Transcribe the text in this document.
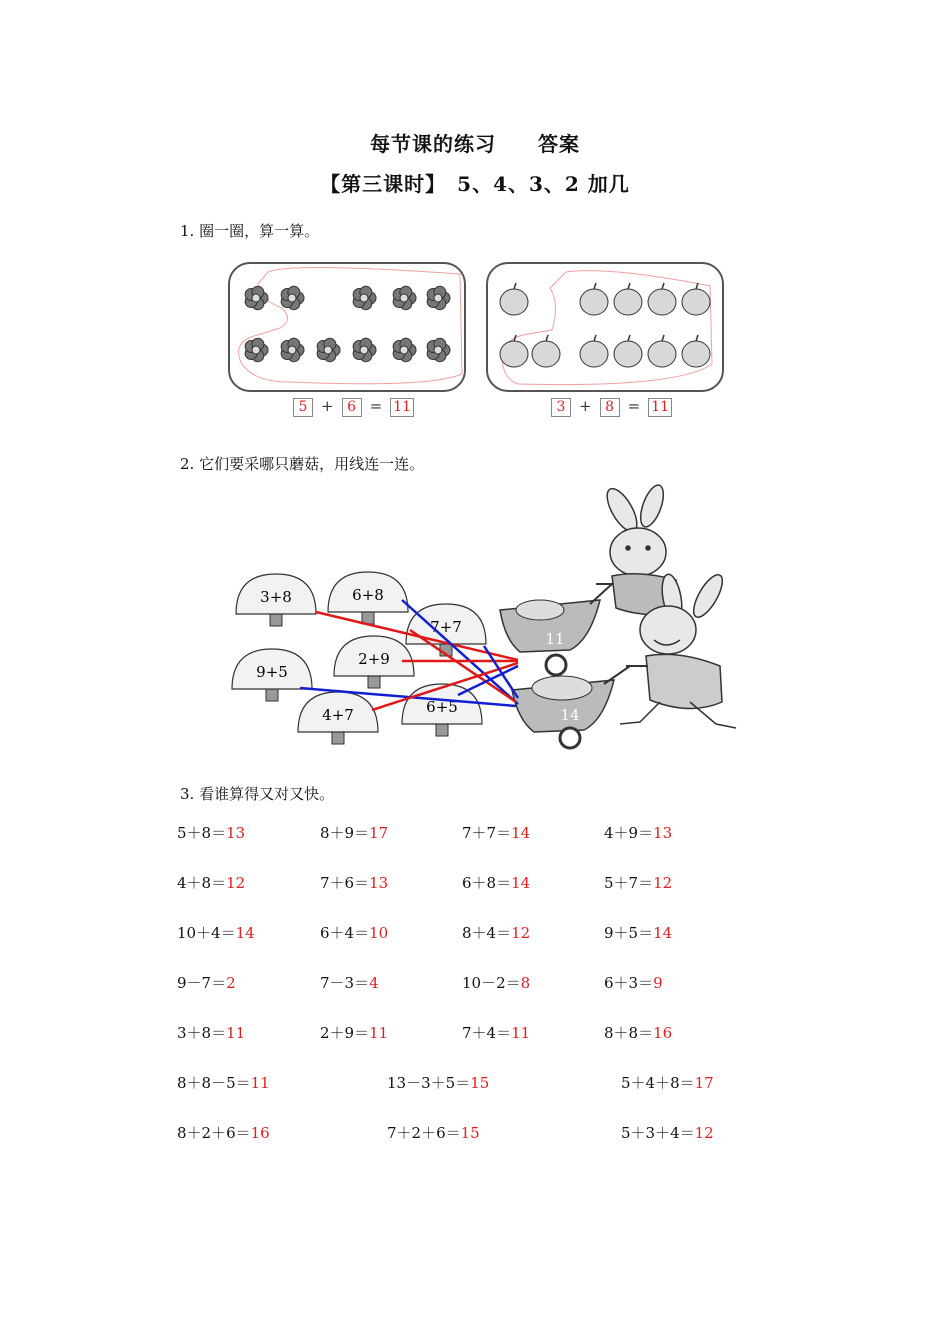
每节课的练习　　答案
【第三课时】　5、4、3、2 加几
1. 圈一圈，算一算。
5 + 6 = 11	3 + 8 = 11
2. 它们要采哪只蘑菇，用线连一连。
3+8	6+8
7+7
9+5
2+9
4+7	6+5
11
14
3. 看谁算得又对又快。
5＋8＝13	8＋9＝17	7＋7＝14	4＋9＝13
4＋8＝12	7＋6＝13	6＋8＝14	5＋7＝12
10＋4＝14	6＋4＝10	8＋4＝12	9＋5＝14
9－7＝2	7－3＝4	10－2＝8	6＋3＝9
3＋8＝11	2＋9＝11	7＋4＝11	8＋8＝16
8＋8－5＝11	13－3＋5＝15	5＋4＋8＝17
8＋2＋6＝16	7＋2＋6＝15	5＋3＋4＝12
